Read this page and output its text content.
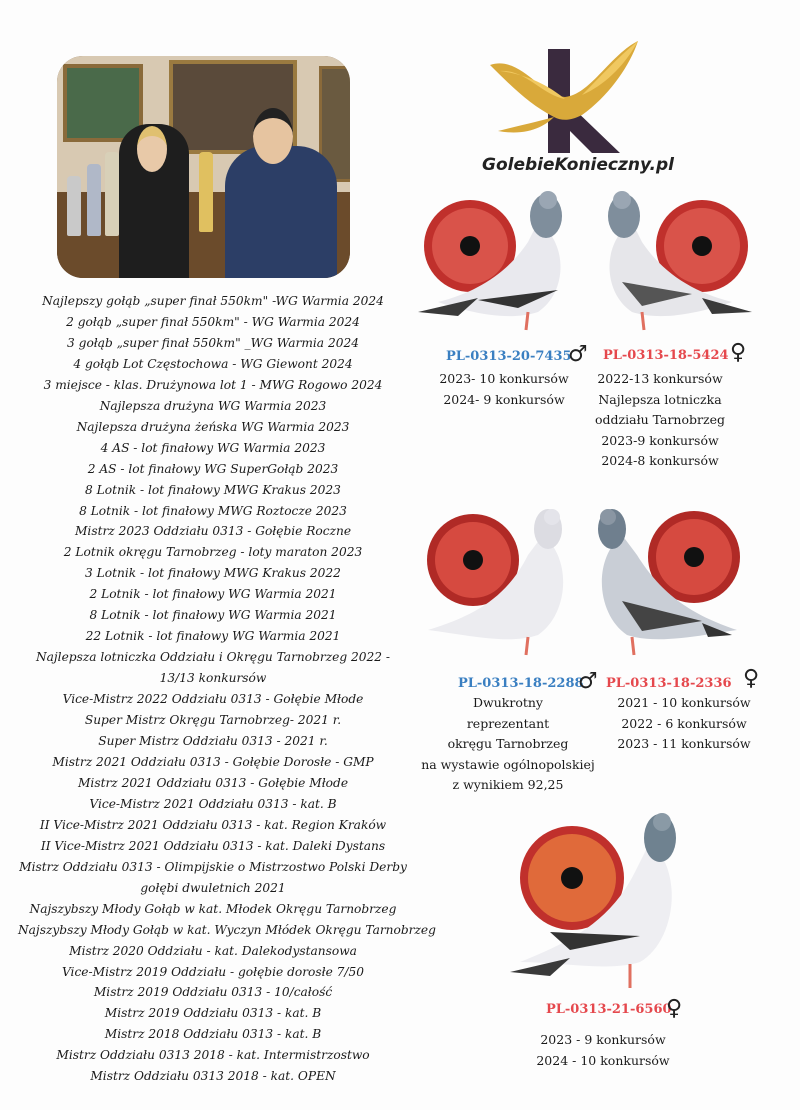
GolebieKonieczny.pl
Najlepszy gołąb „super finał 550km" -WG Warmia 2024
2 gołąb „super finał 550km" - WG Warmia 2024
3 gołąb „super finał 550km" _WG Warmia 2024
4 gołąb Lot Częstochowa - WG Giewont 2024
3 miejsce - klas. Drużynowa lot 1 - MWG Rogowo 2024
Najlepsza drużyna WG Warmia 2023
Najlepsza drużyna żeńska WG Warmia 2023
4 AS - lot finałowy WG Warmia 2023
2 AS - lot finałowy WG SuperGołąb 2023
8 Lotnik - lot finałowy MWG Krakus 2023
8 Lotnik - lot finałowy MWG Roztocze 2023
Mistrz 2023 Oddziału 0313 - Gołębie Roczne
2 Lotnik okręgu Tarnobrzeg - loty maraton 2023
3 Lotnik - lot finałowy MWG Krakus 2022
2 Lotnik - lot finałowy WG Warmia 2021
8 Lotnik - lot finałowy WG Warmia 2021
22 Lotnik - lot finałowy WG Warmia 2021
Najlepsza lotniczka Oddziału i Okręgu Tarnobrzeg 2022 -
13/13 konkursów
Vice-Mistrz 2022 Oddziału 0313 - Gołębie Młode
Super Mistrz Okręgu Tarnobrzeg- 2021 r.
Super Mistrz Oddziału 0313 - 2021 r.
Mistrz 2021 Oddziału 0313 - Gołębie Dorosłe - GMP
Mistrz 2021 Oddziału 0313 - Gołębie Młode
Vice-Mistrz 2021 Oddziału 0313 - kat. B
II Vice-Mistrz 2021 Oddziału 0313 - kat. Region Kraków
II Vice-Mistrz 2021 Oddziału 0313 - kat. Daleki Dystans
Mistrz Oddziału 0313 - Olimpijskie o Mistrzostwo Polski Derby
gołębi dwuletnich 2021
Najszybszy Młody Gołąb w kat. Młodek Okręgu Tarnobrzeg
Najszybszy Młody Gołąb w kat. Wyczyn Młódek Okręgu Tarnobrzeg
Mistrz 2020 Oddziału - kat. Dalekodystansowa
Vice-Mistrz 2019 Oddziału - gołębie dorosłe 7/50
Mistrz 2019 Oddziału 0313 - 10/całość
Mistrz 2019 Oddziału 0313 - kat. B
Mistrz 2018 Oddziału 0313 - kat. B
Mistrz Oddziału 0313 2018 - kat. Intermistrzostwo
Mistrz Oddziału 0313 2018 - kat. OPEN
PL-0313-20-7435
♂
2023- 10 konkursów
2024- 9 konkursów
PL-0313-18-5424 ♀
2022-13 konkursów
Najlepsza lotniczka
oddziału Tarnobrzeg
2023-9 konkursów
2024-8 konkursów
PL-0313-18-2288
♂
Dwukrotny
reprezentant
okręgu Tarnobrzeg
na wystawie ogólnopolskiej
z wynikiem 92,25
PL-0313-18-2336 ♀
2021 - 10 konkursów
2022 - 6 konkursów
2023 - 11 konkursów
PL-0313-21-6560
♀
2023 - 9 konkursów
2024 - 10 konkursów
